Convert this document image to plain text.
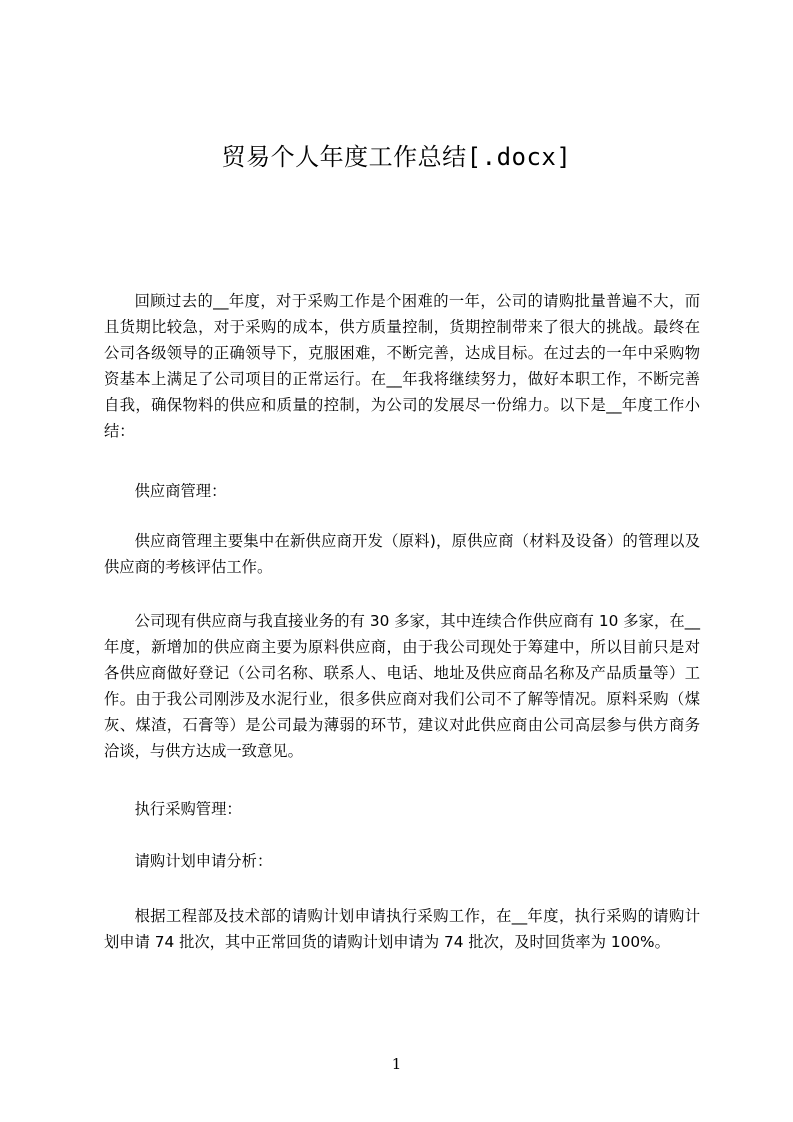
贸易个人年度工作总结[.docx]

回顾过去的__年度，对于采购工作是个困难的一年，公司的请购批量普遍不大，而且货期比较急，对于采购的成本，供方质量控制，货期控制带来了很大的挑战。最终在公司各级领导的正确领导下，克服困难，不断完善，达成目标。在过去的一年中采购物资基本上满足了公司项目的正常运行。在__年我将继续努力，做好本职工作，不断完善自我，确保物料的供应和质量的控制，为公司的发展尽一份绵力。以下是__年度工作小结：

供应商管理：

供应商管理主要集中在新供应商开发（原料)，原供应商（材料及设备）的管理以及供应商的考核评估工作。

公司现有供应商与我直接业务的有 30 多家，其中连续合作供应商有 10 多家，在__年度，新增加的供应商主要为原料供应商，由于我公司现处于筹建中，所以目前只是对各供应商做好登记（公司名称、联系人、电话、地址及供应商品名称及产品质量等）工作。由于我公司刚涉及水泥行业，很多供应商对我们公司不了解等情况。原料采购（煤灰、煤渣，石膏等）是公司最为薄弱的环节，建议对此供应商由公司高层参与供方商务洽谈，与供方达成一致意见。

执行采购管理：

请购计划申请分析：

根据工程部及技术部的请购计划申请执行采购工作，在__年度，执行采购的请购计划申请 74 批次，其中正常回货的请购计划申请为 74 批次，及时回货率为 100%。

1
